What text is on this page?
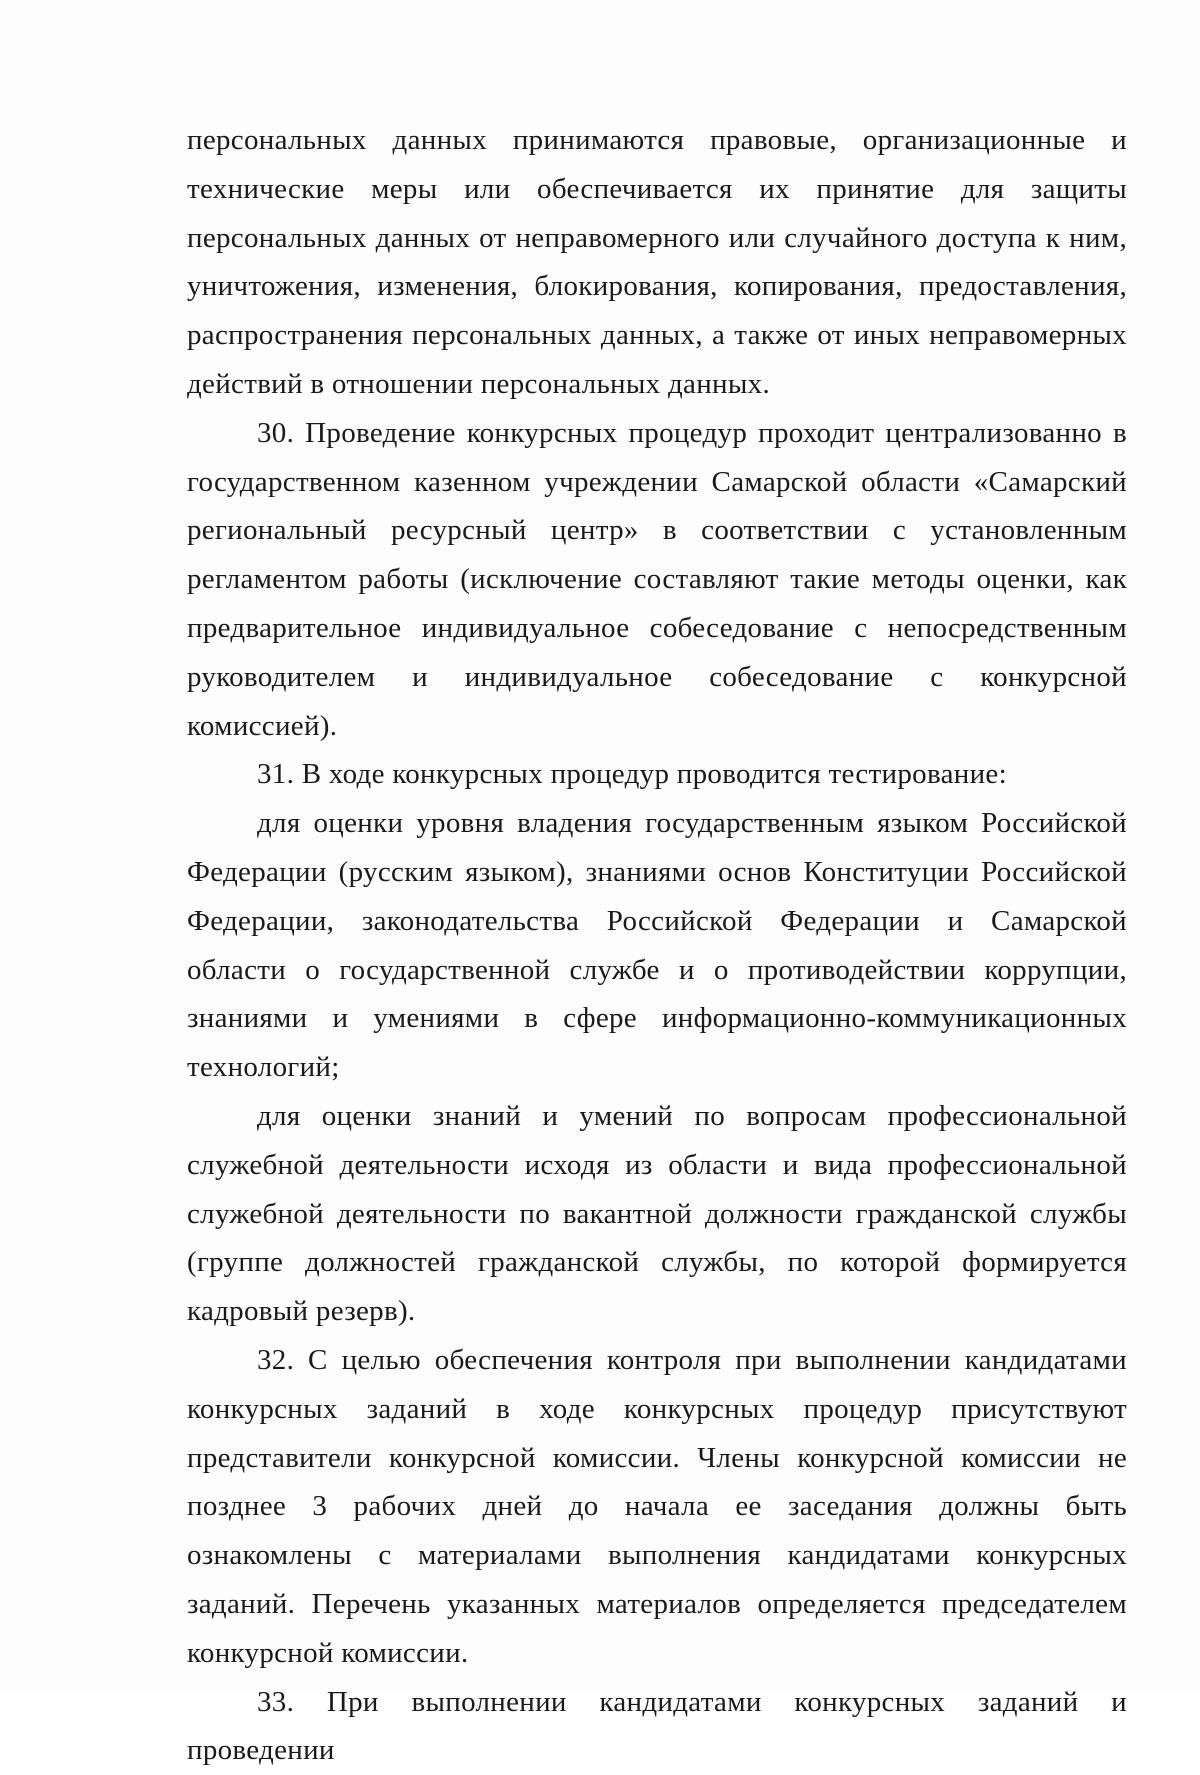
персональных данных принимаются правовые, организационные и технические меры или обеспечивается их принятие для защиты персональных данных от неправомерного или случайного доступа к ним, уничтожения, изменения, блокирования, копирования, предоставления, распространения персональных данных, а также от иных неправомерных действий в отношении персональных данных.

30. Проведение конкурсных процедур проходит централизованно в государственном казенном учреждении Самарской области «Самарский региональный ресурсный центр» в соответствии с установленным регламентом работы (исключение составляют такие методы оценки, как предварительное индивидуальное собеседование с непосредственным руководителем и индивидуальное собеседование с конкурсной комиссией).

31. В ходе конкурсных процедур проводится тестирование:

для оценки уровня владения государственным языком Российской Федерации (русским языком), знаниями основ Конституции Российской Федерации, законодательства Российской Федерации и Самарской области о государственной службе и о противодействии коррупции, знаниями и умениями в сфере информационно-коммуникационных технологий;

для оценки знаний и умений по вопросам профессиональной служебной деятельности исходя из области и вида профессиональной служебной деятельности по вакантной должности гражданской службы (группе должностей гражданской службы, по которой формируется кадровый резерв).

32. С целью обеспечения контроля при выполнении кандидатами конкурсных заданий в ходе конкурсных процедур присутствуют представители конкурсной комиссии. Члены конкурсной комиссии не позднее 3 рабочих дней до начала ее заседания должны быть ознакомлены с материалами выполнения кандидатами конкурсных заданий. Перечень указанных материалов определяется председателем конкурсной комиссии.

33. При выполнении кандидатами конкурсных заданий и проведении
